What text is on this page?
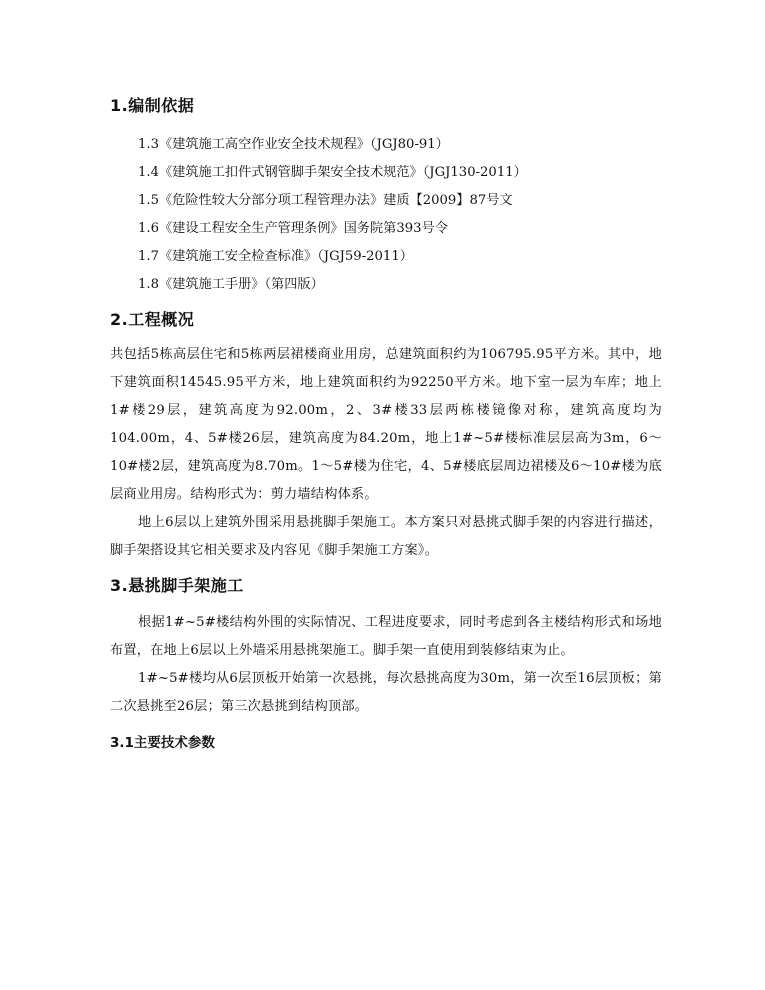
1.编制依据
1.3《建筑施工高空作业安全技术规程》（JGJ80-91）
1.4《建筑施工扣件式钢管脚手架安全技术规范》（JGJ130-2011）
1.5《危险性较大分部分项工程管理办法》建质【2009】87号文
1.6《建设工程安全生产管理条例》国务院第393号令
1.7《建筑施工安全检查标准》（JGJ59-2011）
1.8《建筑施工手册》（第四版）
2.工程概况

共包括5栋高层住宅和5栋两层裙楼商业用房，总建筑面积约为106795.95平方米。其中，地下建筑面积14545.95平方米，地上建筑面积约为92250平方米。地下室一层为车库；地上1#楼29层，建筑高度为92.00m，2、3#楼33层两栋楼镜像对称，建筑高度均为104.00m，4、5#楼26层，建筑高度为84.20m，地上1#~5#楼标准层层高为3m，6～10#楼2层，建筑高度为8.70m。1～5#楼为住宅，4、5#楼底层周边裙楼及6～10#楼为底层商业用房。结构形式为：剪力墙结构体系。

地上6层以上建筑外围采用悬挑脚手架施工。本方案只对悬挑式脚手架的内容进行描述，脚手架搭设其它相关要求及内容见《脚手架施工方案》。

3.悬挑脚手架施工

根据1#~5#楼结构外围的实际情况、工程进度要求，同时考虑到各主楼结构形式和场地布置，在地上6层以上外墙采用悬挑架施工。脚手架一直使用到装修结束为止。

1#~5#楼均从6层顶板开始第一次悬挑，每次悬挑高度为30m，第一次至16层顶板；第二次悬挑至26层；第三次悬挑到结构顶部。

3.1主要技术参数
